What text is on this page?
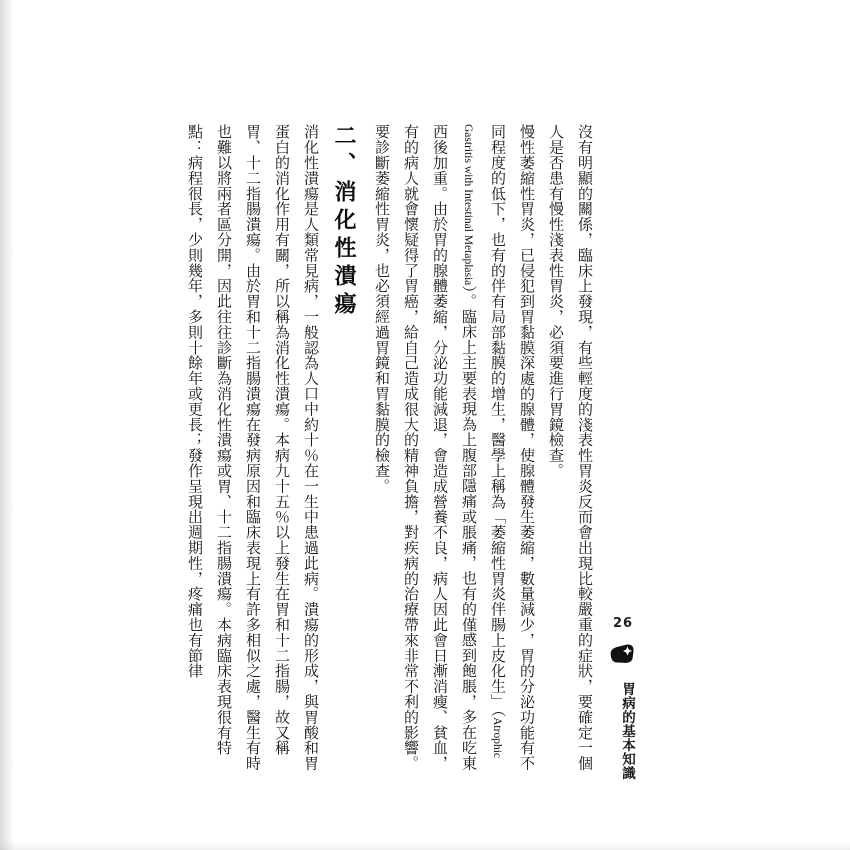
沒有明顯的關係，臨床上發現，有些輕度的淺表性胃炎反而會出現比較嚴重的症狀，要確定一個人是否患有慢性淺表性胃炎，必須要進行胃鏡檢查。

慢性萎縮性胃炎，已侵犯到胃黏膜深處的腺體，使腺體發生萎縮，數量減少，胃的分泌功能有不同程度的低下，也有的伴有局部黏膜的增生，醫學上稱為「萎縮性胃炎伴腸上皮化生」（Atrophic Gastritis with Intestinal Metaplasia）。臨床上主要表現為上腹部隱痛或脹痛，也有的僅感到飽脹，多在吃東西後加重。由於胃的腺體萎縮，分泌功能減退，會造成營養不良，病人因此會日漸消瘦、貧血，有的病人就會懷疑得了胃癌，給自己造成很大的精神負擔，對疾病的治療帶來非常不利的影響。要診斷萎縮性胃炎，也必須經過胃鏡和胃黏膜的檢查。

二、消化性潰瘍

消化性潰瘍是人類常見病，一般認為人口中約十％在一生中患過此病。潰瘍的形成，與胃酸和胃蛋白的消化作用有關，所以稱為消化性潰瘍。本病九十五％以上發生在胃和十二指腸，故又稱胃、十二指腸潰瘍。由於胃和十二指腸潰瘍在發病原因和臨床表現上有許多相似之處，醫生有時也難以將兩者區分開，因此往往診斷為消化性潰瘍或胃、十二指腸潰瘍。本病臨床表現很有特點：病程很長，少則幾年，多則十餘年或更長；發作呈現出週期性，疼痛也有節律	26
胃病的基本知識
